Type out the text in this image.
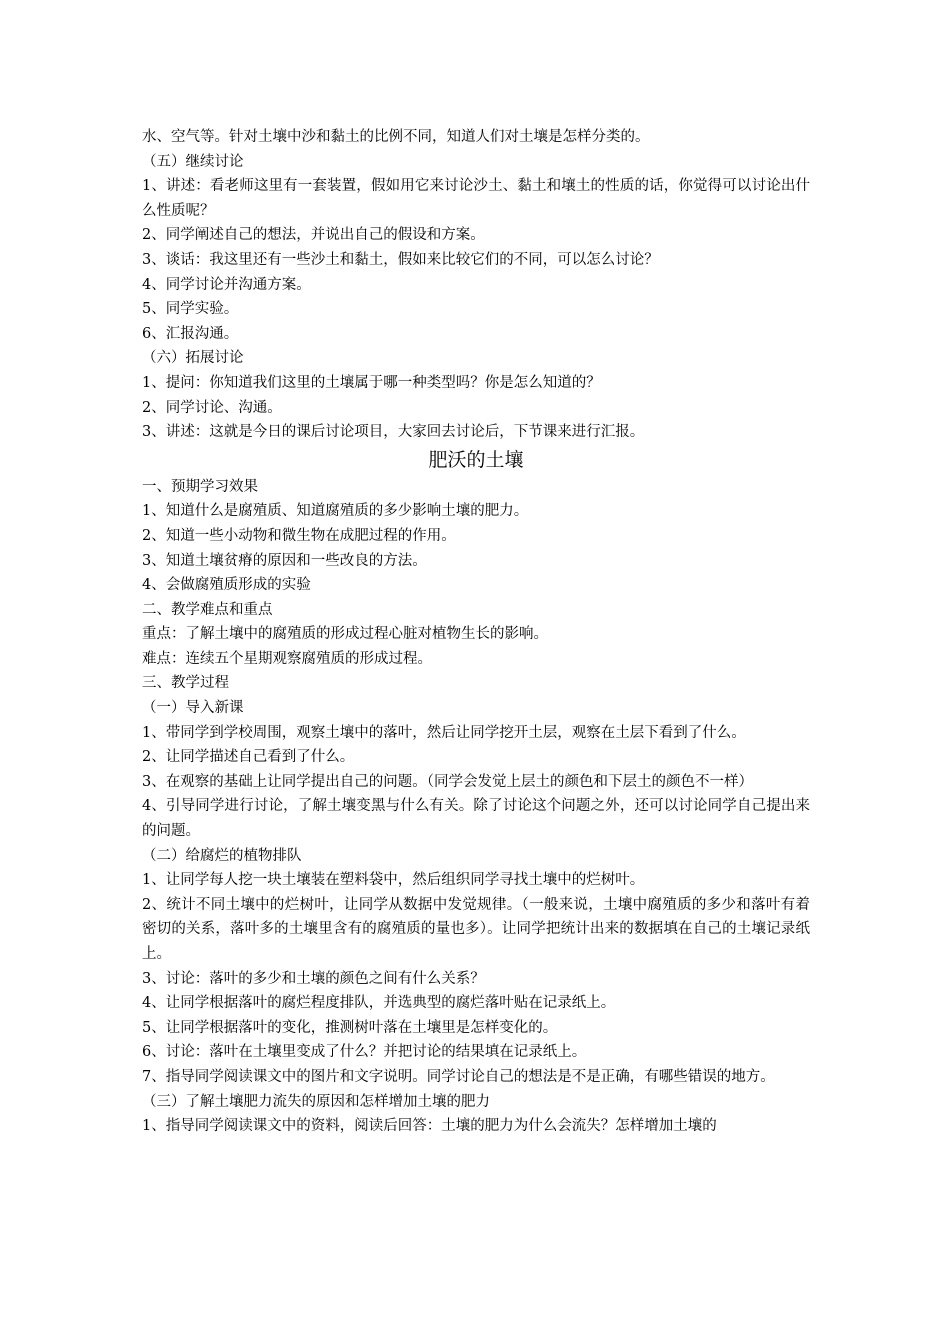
水、空气等。针对土壤中沙和黏土的比例不同，知道人们对土壤是怎样分类的。

（五）继续讨论

1、讲述：看老师这里有一套装置，假如用它来讨论沙土、黏土和壤土的性质的话，你觉得可以讨论出什么性质呢？

2、同学阐述自己的想法，并说出自己的假设和方案。

3、谈话：我这里还有一些沙土和黏土，假如来比较它们的不同，可以怎么讨论？

4、同学讨论并沟通方案。

5、同学实验。

6、汇报沟通。

（六）拓展讨论

1、提问：你知道我们这里的土壤属于哪一种类型吗？你是怎么知道的？

2、同学讨论、沟通。

3、讲述：这就是今日的课后讨论项目，大家回去讨论后，下节课来进行汇报。

肥沃的土壤

一、预期学习效果

1、知道什么是腐殖质、知道腐殖质的多少影响土壤的肥力。

2、知道一些小动物和微生物在成肥过程的作用。

3、知道土壤贫瘠的原因和一些改良的方法。

4、会做腐殖质形成的实验

二、教学难点和重点

重点：了解土壤中的腐殖质的形成过程心脏对植物生长的影响。

难点：连续五个星期观察腐殖质的形成过程。

三、教学过程

（一）导入新课

1、带同学到学校周围，观察土壤中的落叶，然后让同学挖开土层，观察在土层下看到了什么。

2、让同学描述自己看到了什么。

3、在观察的基础上让同学提出自己的问题。（同学会发觉上层土的颜色和下层土的颜色不一样）

4、引导同学进行讨论，了解土壤变黑与什么有关。除了讨论这个问题之外，还可以讨论同学自己提出来的问题。

（二）给腐烂的植物排队

1、让同学每人挖一块土壤装在塑料袋中，然后组织同学寻找土壤中的烂树叶。

2、统计不同土壤中的烂树叶，让同学从数据中发觉规律。（一般来说，土壤中腐殖质的多少和落叶有着密切的关系，落叶多的土壤里含有的腐殖质的量也多）。让同学把统计出来的数据填在自己的土壤记录纸上。

3、讨论：落叶的多少和土壤的颜色之间有什么关系？

4、让同学根据落叶的腐烂程度排队，并选典型的腐烂落叶贴在记录纸上。

5、让同学根据落叶的变化，推测树叶落在土壤里是怎样变化的。

6、讨论：落叶在土壤里变成了什么？并把讨论的结果填在记录纸上。

7、指导同学阅读课文中的图片和文字说明。同学讨论自己的想法是不是正确，有哪些错误的地方。

（三）了解土壤肥力流失的原因和怎样增加土壤的肥力

1、指导同学阅读课文中的资料，阅读后回答：土壤的肥力为什么会流失？怎样增加土壤的
